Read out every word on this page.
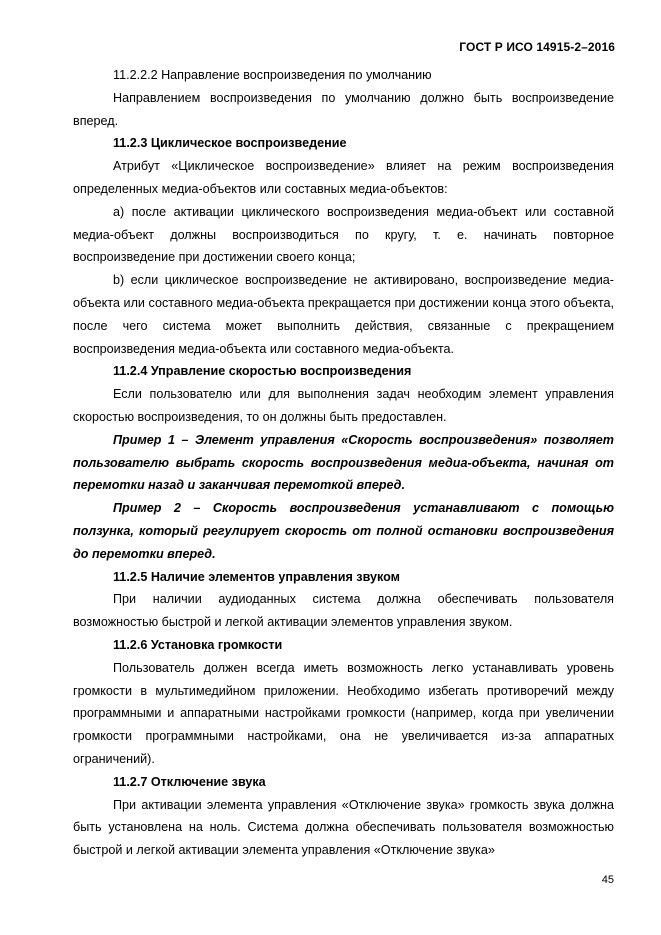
ГОСТ Р ИСО 14915-2–2016

11.2.2.2 Направление воспроизведения по умолчанию

Направлением воспроизведения по умолчанию должно быть воспроизведение вперед.

11.2.3 Циклическое воспроизведение

Атрибут «Циклическое воспроизведение» влияет на режим воспроизведения определенных медиа-объектов или составных медиа-объектов:

а) после активации циклического воспроизведения медиа-объект или составной медиа-объект должны воспроизводиться по кругу, т. е. начинать повторное воспроизведение при достижении своего конца;

b) если циклическое воспроизведение не активировано, воспроизведение медиа-объекта или составного медиа-объекта прекращается при достижении конца этого объекта, после чего система может выполнить действия, связанные с прекращением воспроизведения медиа-объекта или составного медиа-объекта.

11.2.4 Управление скоростью воспроизведения

Если пользователю или для выполнения задач необходим элемент управления скоростью воспроизведения, то он должны быть предоставлен.

Пример 1 – Элемент управления «Скорость воспроизведения» позволяет пользователю выбрать скорость воспроизведения медиа-объекта, начиная от перемотки назад и заканчивая перемоткой вперед.

Пример 2 – Скорость воспроизведения устанавливают с помощью ползунка, который регулирует скорость от полной остановки воспроизведения до перемотки вперед.

11.2.5 Наличие элементов управления звуком

При наличии аудиоданных система должна обеспечивать пользователя возможностью быстрой и легкой активации элементов управления звуком.

11.2.6 Установка громкости

Пользователь должен всегда иметь возможность легко устанавливать уровень громкости в мультимедийном приложении. Необходимо избегать противоречий между программными и аппаратными настройками громкости (например, когда при увеличении громкости программными настройками, она не увеличивается из-за аппаратных ограничений).

11.2.7 Отключение звука

При активации элемента управления «Отключение звука» громкость звука должна быть установлена на ноль. Система должна обеспечивать пользователя возможностью быстрой и легкой активации элемента управления «Отключение звука»

45
